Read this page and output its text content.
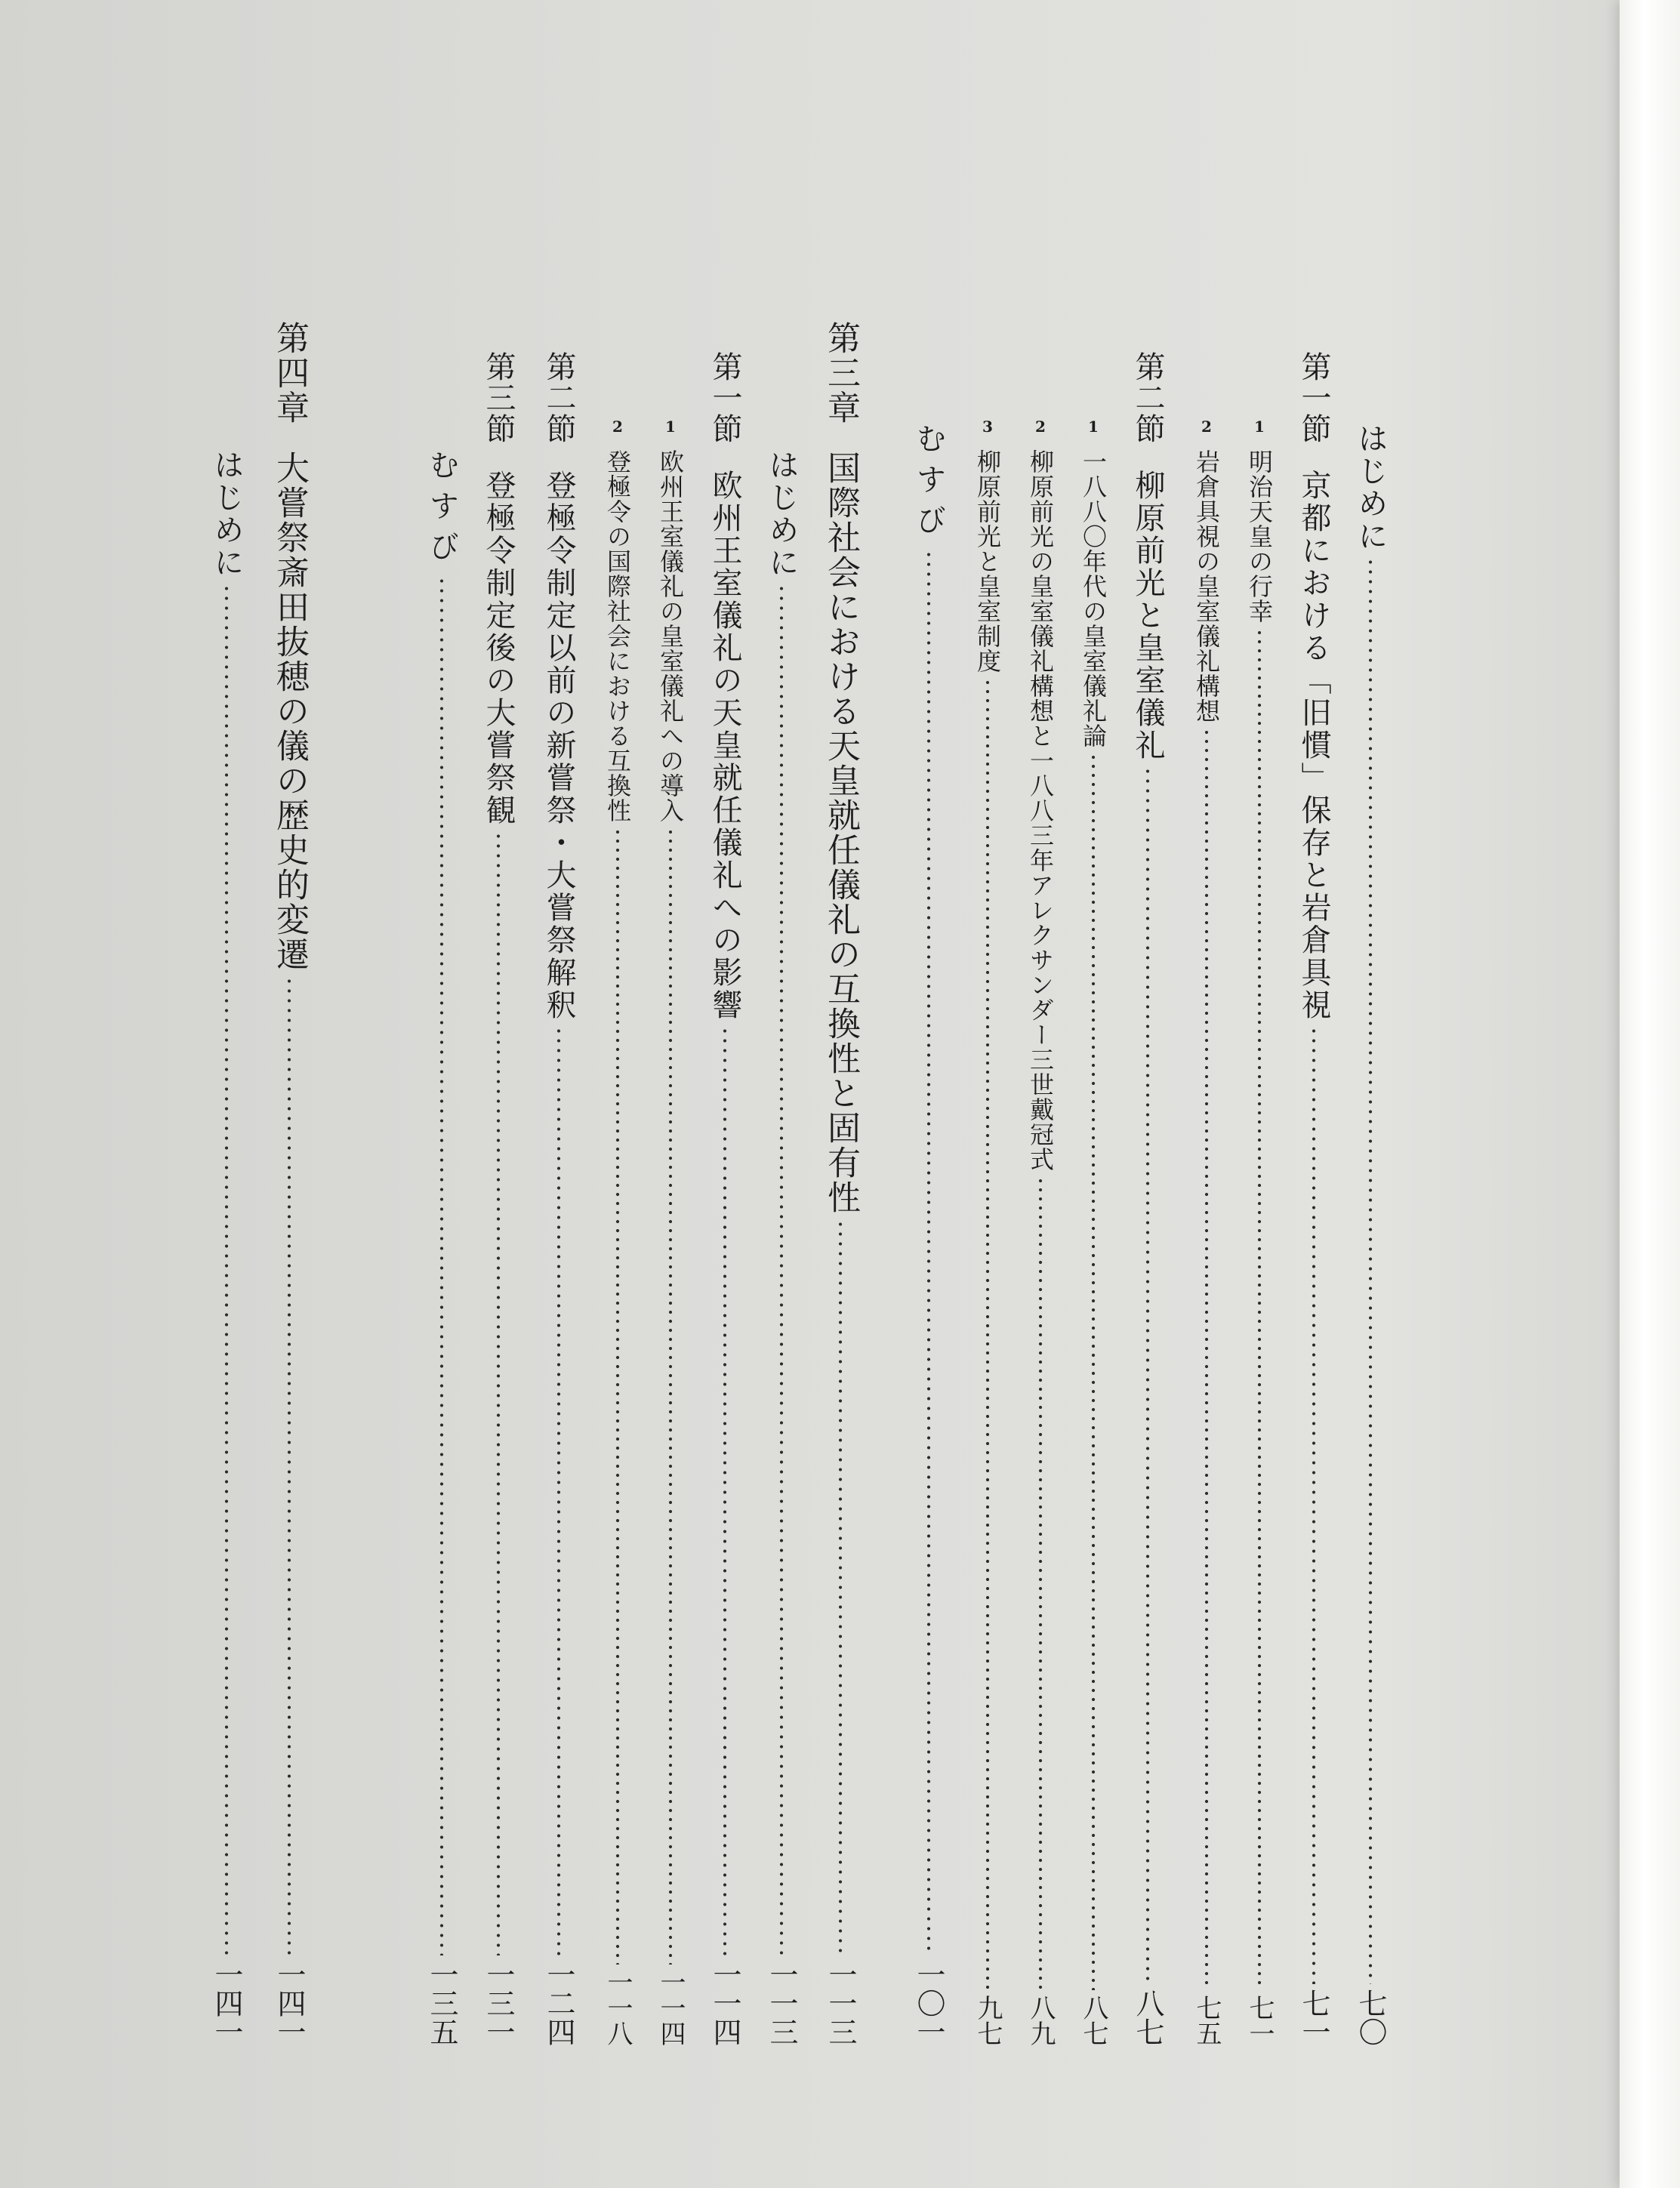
はじめに
七〇
第一節
京都における「旧慣」保存と岩倉具視
七一
1
明治天皇の行幸
七一
2
岩倉具視の皇室儀礼構想
七五
第二節
柳原前光と皇室儀礼
八七
1
一八八〇年代の皇室儀礼論
八七
2
柳原前光の皇室儀礼構想と一八八三年アレクサンダー三世戴冠式
八九
3
柳原前光と皇室制度
九七
むすび
一〇一
第三章
国際社会における天皇就任儀礼の互換性と固有性
一一三
はじめに
一一三
第一節
欧州王室儀礼の天皇就任儀礼への影響
一一四
1
欧州王室儀礼の皇室儀礼への導入
一一四
2
登極令の国際社会における互換性
一一八
第二節
登極令制定以前の新嘗祭・大嘗祭解釈
一二四
第三節
登極令制定後の大嘗祭観
一三一
むすび
一三五
第四章
大嘗祭斎田抜穂の儀の歴史的変遷
一四一
はじめに
一四一
